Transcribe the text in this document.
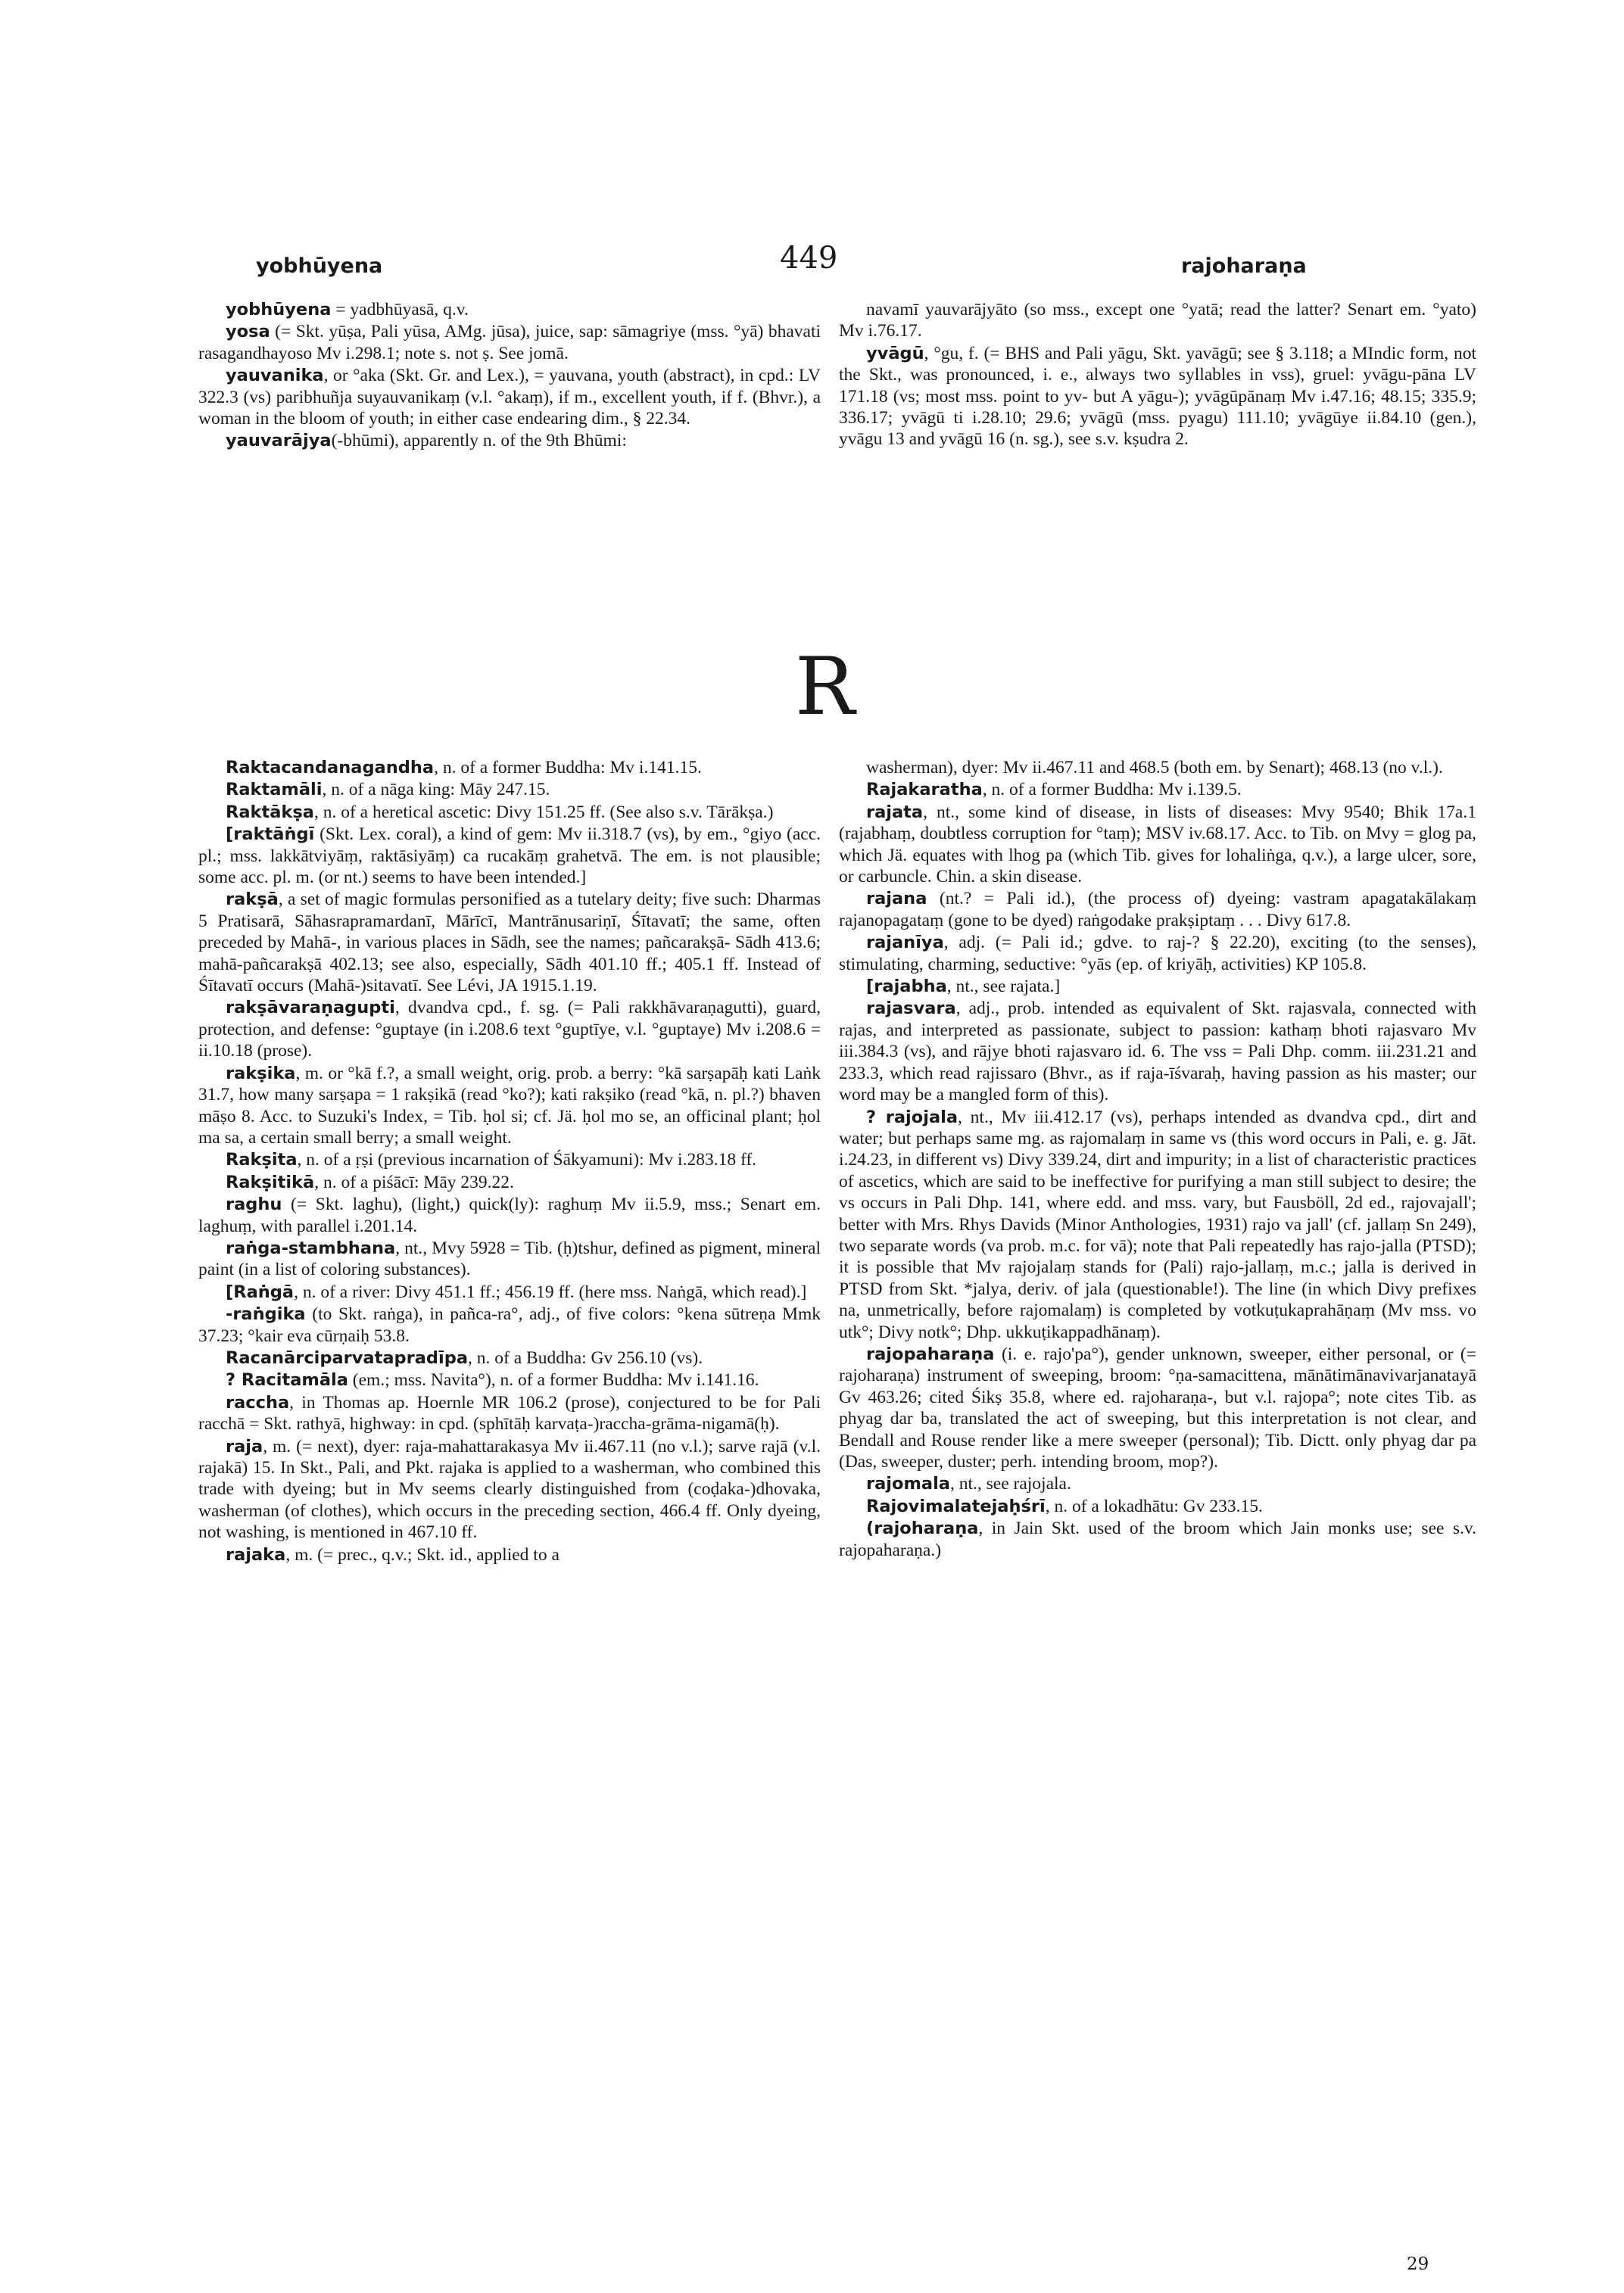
yobhūyena	449	rajoharaṇa

yobhūyena = yadbhūyasā, q.v.

yosa (= Skt. yūṣa, Pali yūsa, AMg. jūsa), juice, sap: sāmagriye (mss. °yā) bhavati rasagandhayoso Mv i.298.1; note s. not ṣ. See jomā.

yauvanika, or °aka (Skt. Gr. and Lex.), = yauvana, youth (abstract), in cpd.: LV 322.3 (vs) paribhuñja suyauvanikaṃ (v.l. °akaṃ), if m., excellent youth, if f. (Bhvr.), a woman in the bloom of youth; in either case endearing dim., § 22.34.

yauvarājya(-bhūmi), apparently n. of the 9th Bhūmi:

navamī yauvarājyāto (so mss., except one °yatā; read the latter? Senart em. °yato) Mv i.76.17.

yvāgū, °gu, f. (= BHS and Pali yāgu, Skt. yavāgū; see § 3.118; a MIndic form, not the Skt., was pronounced, i. e., always two syllables in vss), gruel: yvāgu-pāna LV 171.18 (vs; most mss. point to yv- but A yāgu-); yvāgūpānaṃ Mv i.47.16; 48.15; 335.9; 336.17; yvāgū ti i.28.10; 29.6; yvāgū (mss. pyagu) 111.10; yvāgūye ii.84.10 (gen.), yvāgu 13 and yvāgū 16 (n. sg.), see s.v. kṣudra 2.

R

Raktacandanagandha, n. of a former Buddha: Mv i.141.15.

Raktamāli, n. of a nāga king: Māy 247.15.

Raktākṣa, n. of a heretical ascetic: Divy 151.25 ff. (See also s.v. Tārākṣa.)

[raktāṅgī (Skt. Lex. coral), a kind of gem: Mv ii.318.7 (vs), by em., °giyo (acc. pl.; mss. lakkātviyāṃ, raktāsiyāṃ) ca rucakāṃ grahetvā. The em. is not plausible; some acc. pl. m. (or nt.) seems to have been intended.]

rakṣā, a set of magic formulas personified as a tutelary deity; five such: Dharmas 5 Pratisarā, Sāhasrapramardanī, Mārīcī, Mantrānusariṇī, Śītavatī; the same, often preceded by Mahā-, in various places in Sādh, see the names; pañcarakṣā- Sādh 413.6; mahā-pañcarakṣā 402.13; see also, especially, Sādh 401.10 ff.; 405.1 ff. Instead of Śītavatī occurs (Mahā-)sitavatī. See Lévi, JA 1915.1.19.

rakṣāvaraṇagupti, dvandva cpd., f. sg. (= Pali rakkhāvaraṇagutti), guard, protection, and defense: °guptaye (in i.208.6 text °guptīye, v.l. °guptaye) Mv i.208.6 = ii.10.18 (prose).

rakṣika, m. or °kā f.?, a small weight, orig. prob. a berry: °kā sarṣapāḥ kati Laṅk 31.7, how many sarṣapa = 1 rakṣikā (read °ko?); kati rakṣiko (read °kā, n. pl.?) bhaven māṣo 8. Acc. to Suzuki's Index, = Tib. ḥol si; cf. Jä. ḥol mo se, an officinal plant; ḥol ma sa, a certain small berry; a small weight.

Rakṣita, n. of a ṛṣi (previous incarnation of Śākyamuni): Mv i.283.18 ff.

Rakṣitikā, n. of a piśācī: Māy 239.22.

raghu (= Skt. laghu), (light,) quick(ly): raghuṃ Mv ii.5.9, mss.; Senart em. laghuṃ, with parallel i.201.14.

raṅga-stambhana, nt., Mvy 5928 = Tib. (ḥ)tshur, defined as pigment, mineral paint (in a list of coloring substances).

[Raṅgā, n. of a river: Divy 451.1 ff.; 456.19 ff. (here mss. Naṅgā, which read).]

-raṅgika (to Skt. raṅga), in pañca-ra°, adj., of five colors: °kena sūtreṇa Mmk 37.23; °kair eva cūrṇaiḥ 53.8.

Racanārciparvatapradīpa, n. of a Buddha: Gv 256.10 (vs).

? Racitamāla (em.; mss. Navita°), n. of a former Buddha: Mv i.141.16.

raccha, in Thomas ap. Hoernle MR 106.2 (prose), conjectured to be for Pali racchā = Skt. rathyā, highway: in cpd. (sphītāḥ karvaṭa-)raccha-grāma-nigamā(ḥ).

raja, m. (= next), dyer: raja-mahattarakasya Mv ii.467.11 (no v.l.); sarve rajā (v.l. rajakā) 15. In Skt., Pali, and Pkt. rajaka is applied to a washerman, who combined this trade with dyeing; but in Mv seems clearly distinguished from (coḍaka-)dhovaka, washerman (of clothes), which occurs in the preceding section, 466.4 ff. Only dyeing, not washing, is mentioned in 467.10 ff.

rajaka, m. (= prec., q.v.; Skt. id., applied to a

washerman), dyer: Mv ii.467.11 and 468.5 (both em. by Senart); 468.13 (no v.l.).

Rajakaratha, n. of a former Buddha: Mv i.139.5.

rajata, nt., some kind of disease, in lists of diseases: Mvy 9540; Bhik 17a.1 (rajabhaṃ, doubtless corruption for °taṃ); MSV iv.68.17. Acc. to Tib. on Mvy = glog pa, which Jä. equates with lhog pa (which Tib. gives for lohaliṅga, q.v.), a large ulcer, sore, or carbuncle. Chin. a skin disease.

rajana (nt.? = Pali id.), (the process of) dyeing: vastram apagatakālakaṃ rajanopagataṃ (gone to be dyed) raṅgodake prakṣiptaṃ . . . Divy 617.8.

rajanīya, adj. (= Pali id.; gdve. to raj-? § 22.20), exciting (to the senses), stimulating, charming, seductive: °yās (ep. of kriyāḥ, activities) KP 105.8.

[rajabha, nt., see rajata.]

rajasvara, adj., prob. intended as equivalent of Skt. rajasvala, connected with rajas, and interpreted as passionate, subject to passion: kathaṃ bhoti rajasvaro Mv iii.384.3 (vs), and rājye bhoti rajasvaro id. 6. The vss = Pali Dhp. comm. iii.231.21 and 233.3, which read rajissaro (Bhvr., as if raja-īśvaraḥ, having passion as his master; our word may be a mangled form of this).

? rajojala, nt., Mv iii.412.17 (vs), perhaps intended as dvandva cpd., dirt and water; but perhaps same mg. as rajomalaṃ in same vs (this word occurs in Pali, e. g. Jāt. i.24.23, in different vs) Divy 339.24, dirt and impurity; in a list of characteristic practices of ascetics, which are said to be ineffective for purifying a man still subject to desire; the vs occurs in Pali Dhp. 141, where edd. and mss. vary, but Fausböll, 2d ed., rajovajall'; better with Mrs. Rhys Davids (Minor Anthologies, 1931) rajo va jall' (cf. jallaṃ Sn 249), two separate words (va prob. m.c. for vā); note that Pali repeatedly has rajo-jalla (PTSD); it is possible that Mv rajojalaṃ stands for (Pali) rajo-jallaṃ, m.c.; jalla is derived in PTSD from Skt. *jalya, deriv. of jala (questionable!). The line (in which Divy prefixes na, unmetrically, before rajomalaṃ) is completed by votkuṭukaprahāṇaṃ (Mv mss. vo utk°; Divy notk°; Dhp. ukkuṭikappadhānaṃ).

rajopaharaṇa (i. e. rajo'pa°), gender unknown, sweeper, either personal, or (= rajoharaṇa) instrument of sweeping, broom: °ṇa-samacittena, mānātimānavivarjanatayā Gv 463.26; cited Śikṣ 35.8, where ed. rajoharaṇa-, but v.l. rajopa°; note cites Tib. as phyag dar ba, translated the act of sweeping, but this interpretation is not clear, and Bendall and Rouse render like a mere sweeper (personal); Tib. Dictt. only phyag dar pa (Das, sweeper, duster; perh. intending broom, mop?).

rajomala, nt., see rajojala.

Rajovimalatejaḥśrī, n. of a lokadhātu: Gv 233.15.

(rajoharaṇa, in Jain Skt. used of the broom which Jain monks use; see s.v. rajopaharaṇa.)

29
